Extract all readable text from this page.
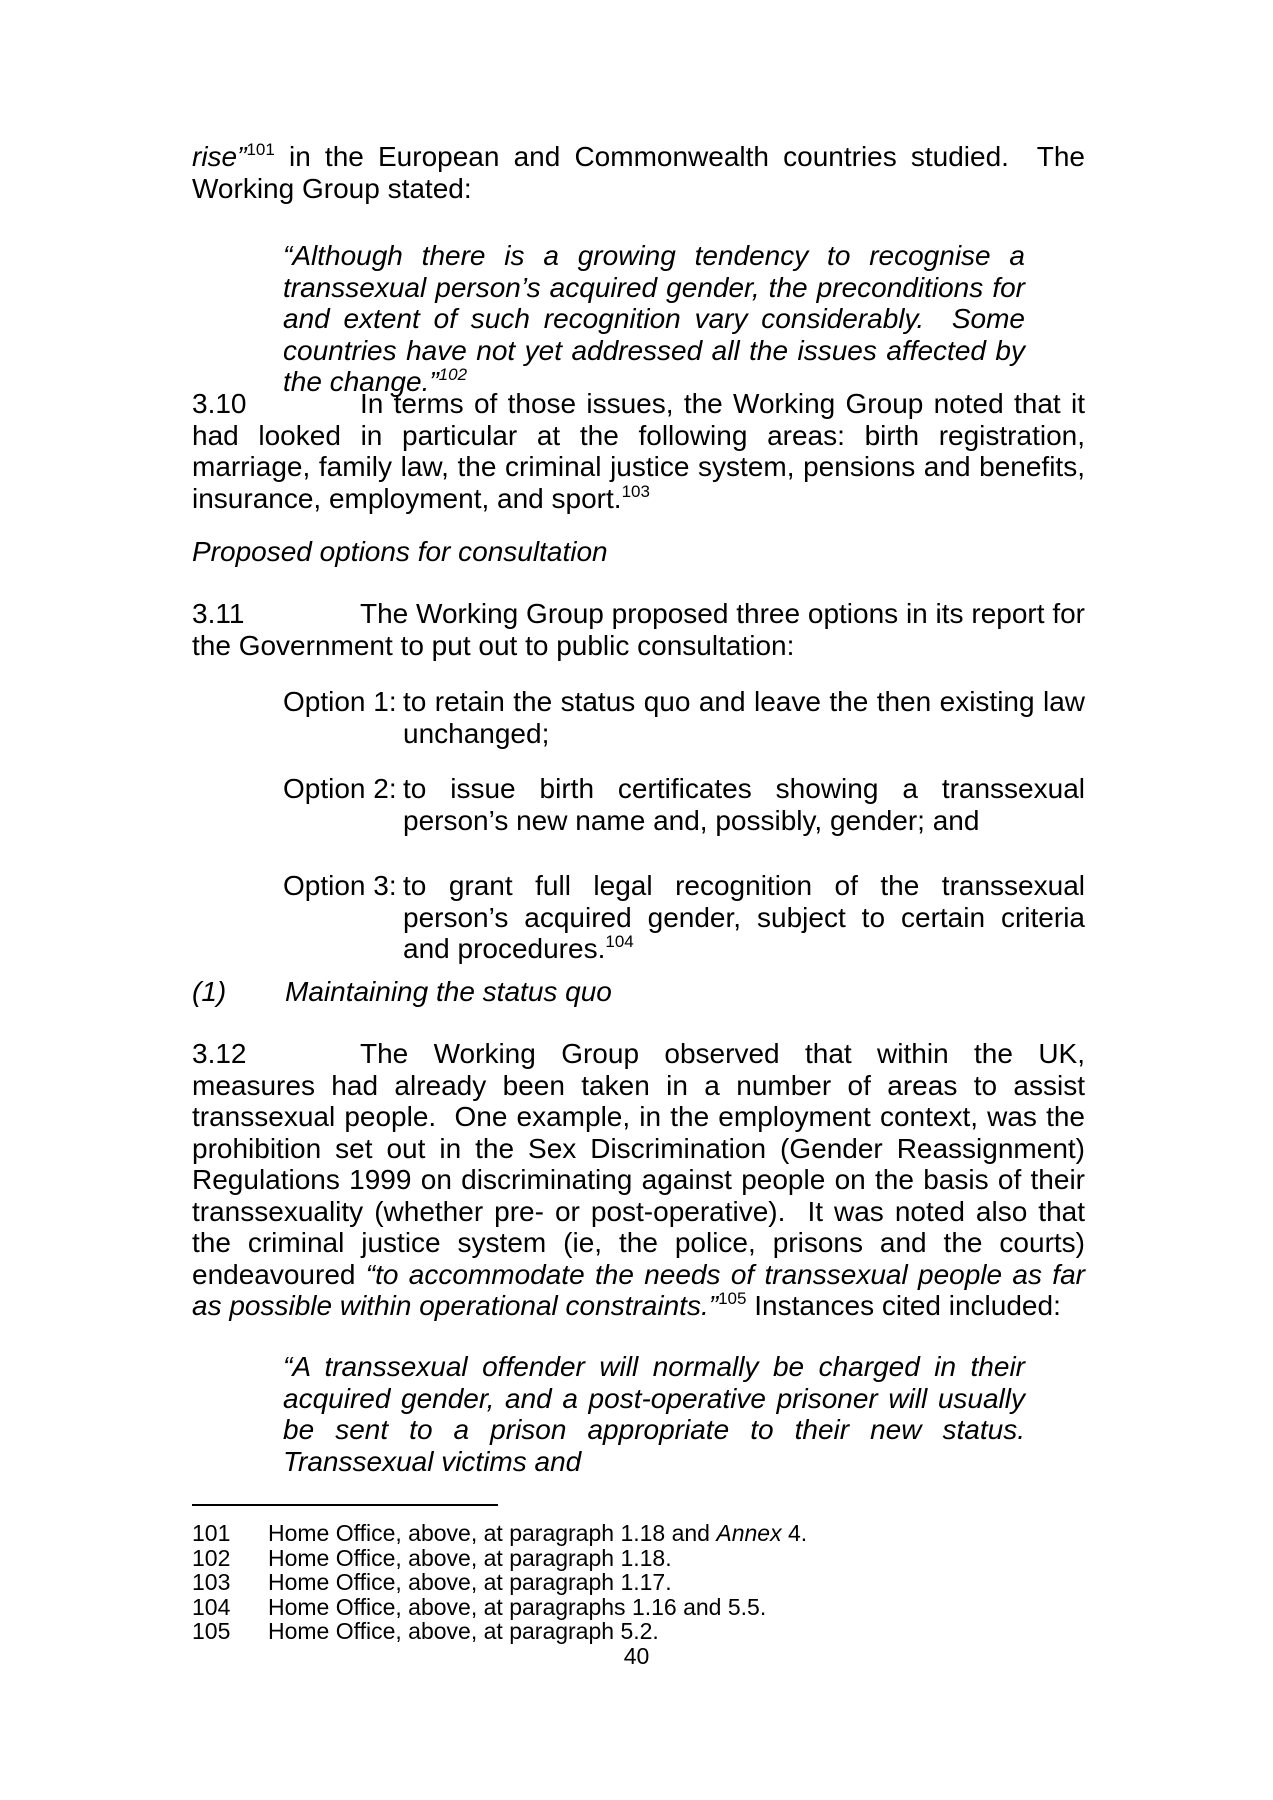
rise”$^{101}$ in the European and Commonwealth countries studied.  The Working Group stated:
“Although there is a growing tendency to recognise a transsexual person’s acquired gender, the preconditions for and extent of such recognition vary considerably.  Some countries have not yet addressed all the issues affected by the change.”$^{102}$
3.10	In terms of those issues, the Working Group noted that it had looked in particular at the following areas: birth registration, marriage, family law, the criminal justice system, pensions and benefits, insurance, employment, and sport.$^{103}$
Proposed options for consultation
3.11	The Working Group proposed three options in its report for the Government to put out to public consultation:
Option 1: to retain the status quo and leave the then existing law unchanged;
Option 2: to issue birth certificates showing a transsexual person’s new name and, possibly, gender; and
Option 3: to grant full legal recognition of the transsexual person’s acquired gender, subject to certain criteria and procedures.$^{104}$
(1)	Maintaining the status quo
3.12	The Working Group observed that within the UK, measures had already been taken in a number of areas to assist transsexual people.  One example, in the employment context, was the prohibition set out in the Sex Discrimination (Gender Reassignment) Regulations 1999 on discriminating against people on the basis of their transsexuality (whether pre- or post-operative).  It was noted also that the criminal justice system (ie, the police, prisons and the courts) endeavoured “to accommodate the needs of transsexual people as far as possible within operational constraints.”$^{105}$ Instances cited included:
“A transsexual offender will normally be charged in their acquired gender, and a post-operative prisoner will usually be sent to a prison appropriate to their new status. Transsexual victims and
101	Home Office, above, at paragraph 1.18 and Annex 4.
102	Home Office, above, at paragraph 1.18.
103	Home Office, above, at paragraph 1.17.
104	Home Office, above, at paragraphs 1.16 and 5.5.
105	Home Office, above, at paragraph 5.2.
40
